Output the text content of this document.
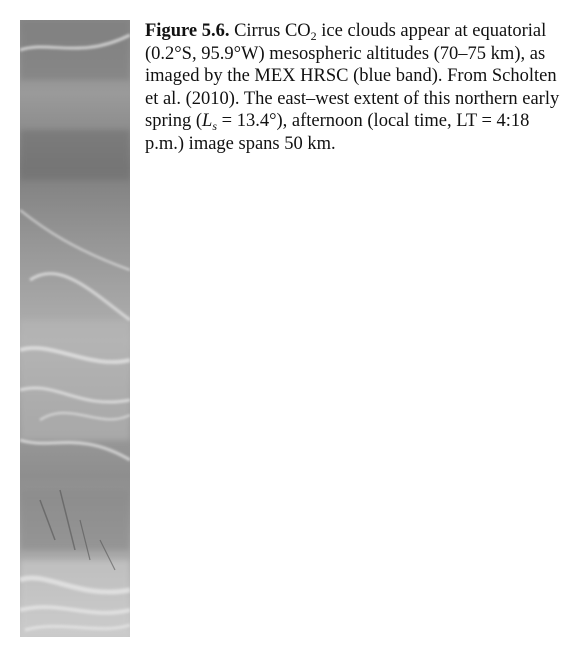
Figure 5.6. Cirrus $CO_2$ ice clouds appear at equatorial (0.2°S, 95.9°W) mesospheric altitudes (70–75 km), as imaged by the MEX HRSC (blue band). From Scholten et al. (2010). The east–west extent of this northern early spring $(L_s = 13.4^\circ)$, afternoon (local time, LT = 4:18 p.m.) image spans 50 km.
